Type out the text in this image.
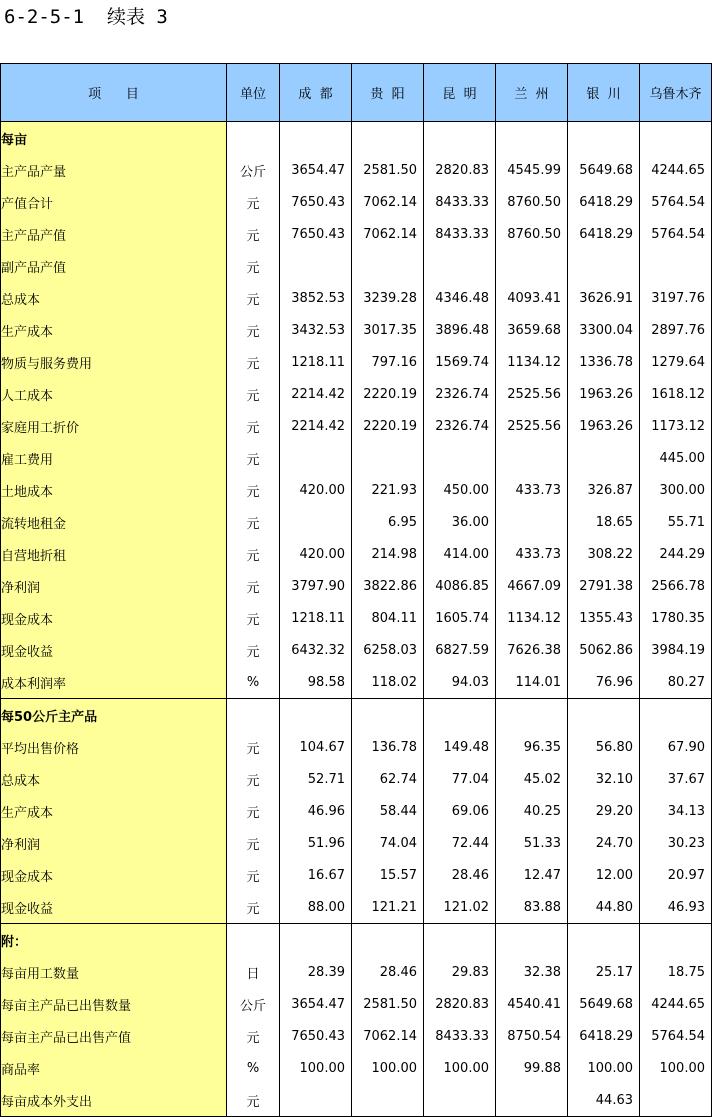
6-2-5-1  续表 3
项      目	单位	成  都	贵  阳	昆  明	兰  州	银  川	乌鲁木齐
每亩							
主产品产量	公斤	3654.47	2581.50	2820.83	4545.99	5649.68	4244.65
产值合计	元	7650.43	7062.14	8433.33	8760.50	6418.29	5764.54
主产品产值	元	7650.43	7062.14	8433.33	8760.50	6418.29	5764.54
副产品产值	元						
总成本	元	3852.53	3239.28	4346.48	4093.41	3626.91	3197.76
生产成本	元	3432.53	3017.35	3896.48	3659.68	3300.04	2897.76
物质与服务费用	元	1218.11	797.16	1569.74	1134.12	1336.78	1279.64
人工成本	元	2214.42	2220.19	2326.74	2525.56	1963.26	1618.12
家庭用工折价	元	2214.42	2220.19	2326.74	2525.56	1963.26	1173.12
雇工费用	元						445.00
土地成本	元	420.00	221.93	450.00	433.73	326.87	300.00
流转地租金	元		6.95	36.00		18.65	55.71
自营地折租	元	420.00	214.98	414.00	433.73	308.22	244.29
净利润	元	3797.90	3822.86	4086.85	4667.09	2791.38	2566.78
现金成本	元	1218.11	804.11	1605.74	1134.12	1355.43	1780.35
现金收益	元	6432.32	6258.03	6827.59	7626.38	5062.86	3984.19
成本利润率	%	98.58	118.02	94.03	114.01	76.96	80.27
每50公斤主产品							
平均出售价格	元	104.67	136.78	149.48	96.35	56.80	67.90
总成本	元	52.71	62.74	77.04	45.02	32.10	37.67
生产成本	元	46.96	58.44	69.06	40.25	29.20	34.13
净利润	元	51.96	74.04	72.44	51.33	24.70	30.23
现金成本	元	16.67	15.57	28.46	12.47	12.00	20.97
现金收益	元	88.00	121.21	121.02	83.88	44.80	46.93
附：							
每亩用工数量	日	28.39	28.46	29.83	32.38	25.17	18.75
每亩主产品已出售数量	公斤	3654.47	2581.50	2820.83	4540.41	5649.68	4244.65
每亩主产品已出售产值	元	7650.43	7062.14	8433.33	8750.54	6418.29	5764.54
商品率	%	100.00	100.00	100.00	99.88	100.00	100.00
每亩成本外支出	元					44.63	
